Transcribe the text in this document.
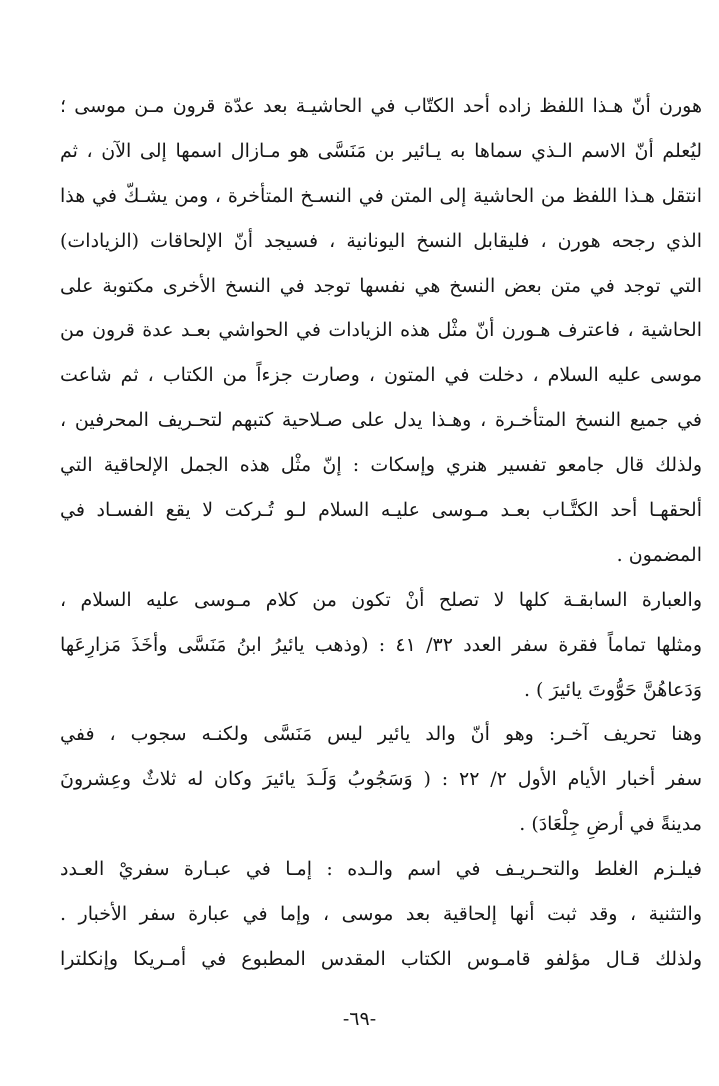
هورن أنّ هـذا اللفظ زاده أحد الكتّاب في الحاشيـة بعد عدّة قرون مـن موسى ؛
ليُعلم أنّ الاسم الـذي سماها به يـائير بن مَنَسَّى هو مـازال اسمها إلى الآن ، ثم
انتقل هـذا اللفظ من الحاشية إلى المتن في النسـخ المتأخرة ، ومن يشـكّ في هذا
الذي رجحه هورن ، فليقابل النسخ اليونانية ، فسيجد أنّ الإلحاقات (الزيادات)
التي توجد في متن بعض النسخ هي نفسها توجد في النسخ الأخرى مكتوبة على
الحاشية ، فاعترف هـورن أنّ مثْل هذه الزيادات في الحواشي بعـد عدة قرون من
موسى عليه السلام ، دخلت في المتون ، وصارت جزءاً من الكتاب ، ثم شاعت
في جميع النسخ المتأخـرة ، وهـذا يدل على صـلاحية كتبهم لتحـريف المحرفين ،
ولذلك قال جامعو تفسير هنري وإسكات : إنّ مثْل هذه الجمل الإلحاقية التي
ألحقهـا أحد الكتَّـاب بعـد مـوسى عليـه السلام لـو تُـركت لا يقع الفسـاد في
المضمون .
والعبارة السابقـة كلها لا تصلح أنْ تكون من كلام مـوسى عليه السلام ،
ومثلها تماماً فقرة سفر العدد ٣٢/ ٤١ : (وذهب يائيرُ ابنُ مَنَسَّى وأخَذَ مَزارِعَها
وَدَعاهُنَّ حَوُّوتَ يائيرَ ) .
وهنا تحريف آخـر: وهو أنّ والد يائير ليس مَنَسَّى ولكنـه سجوب ، ففي
سفر أخبار الأيام الأول ٢/ ٢٢ : ( وَسَجُوبُ وَلَـدَ يائيرَ وكان له ثلاثٌ وعِشرونَ
مدينةً في أرضِ جِلْعَادَ) .
فيلـزم الغلط والتحـريـف في اسم والـده : إمـا في عبـارة سفريْ العـدد
والتثنية ، وقد ثبت أنها إلحاقية بعد موسى ، وإما في عبارة سفر الأخبار .
ولذلك قـال مؤلفو قامـوس الكتاب المقدس المطبوع في أمـريكا وإنكلترا
-٦٩-
